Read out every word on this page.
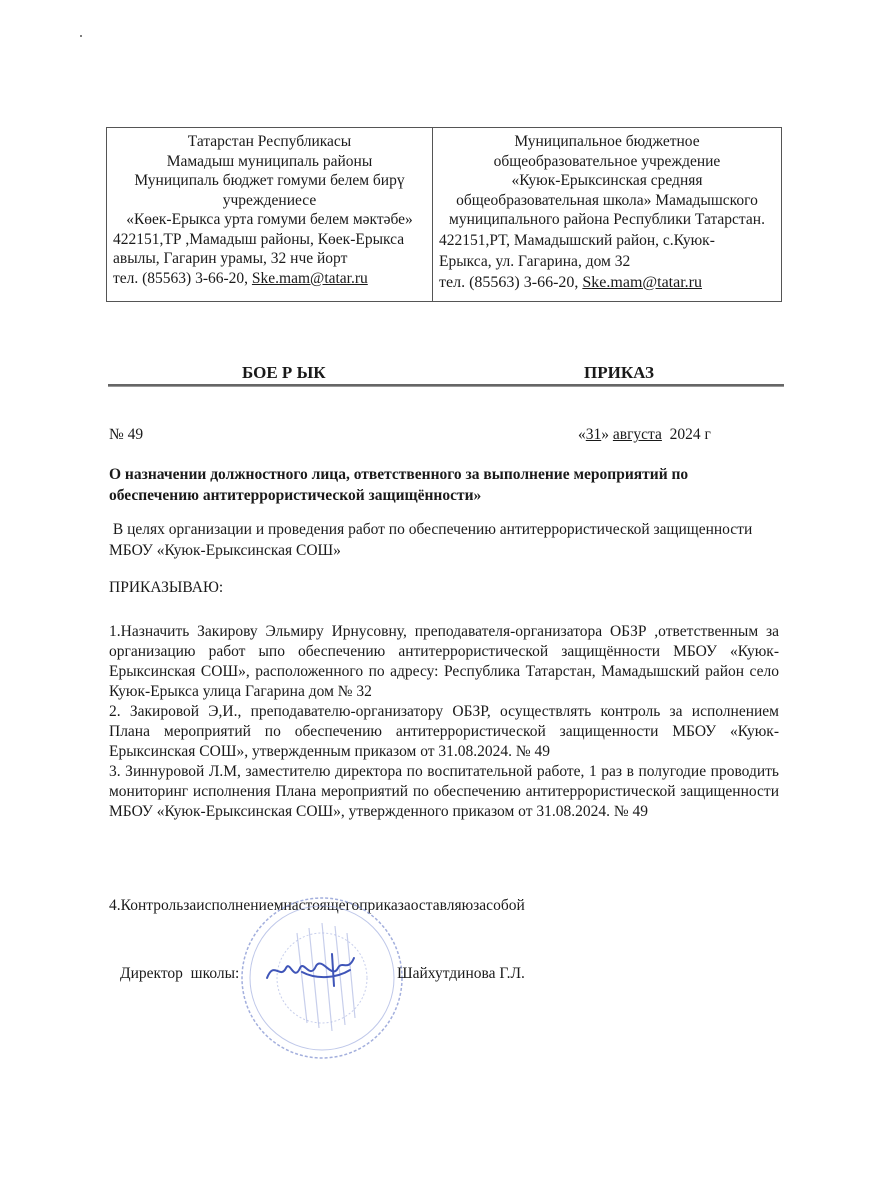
Татарстан Республикасы
Мамадыш муниципаль районы
Муниципаль бюджет гомуми белем бирү
учреждениесе
«Көек-Ерыкса урта гомуми белем мәктәбе»
422151,ТР ,Мамадыш районы, Көек-Ерыкса
авылы, Гагарин урамы, 32 нче йорт
тел. (85563) 3-66-20, Ske.mam@tatar.ru
Муниципальное бюджетное
общеобразовательное учреждение
«Куюк-Ерыксинская средняя
общеобразовательная школа» Мамадышского
муниципального района Республики Татарстан.
422151,РТ, Мамадышский район, с.Куюк-
Ерыкса, ул. Гагарина, дом 32
тел. (85563) 3-66-20, Ske.mam@tatar.ru
БОЕ Р ЫК	ПРИКАЗ
№ 49	«31» августа  2024 г
О назначении должностного лица, ответственного за выполнение мероприятий по обеспечению антитеррористической защищённости»
В целях организации и проведения работ по обеспечению антитеррористической защищенности МБОУ «Куюк-Ерыксинская СОШ»
ПРИКАЗЫВАЮ:

1.Назначить Закирову Эльмиру Ирнусовну, преподавателя-организатора ОБЗР ,ответственным за организацию работ ыпо обеспечению антитеррористической защищённости МБОУ «Куюк-Ерыксинская СОШ», расположенного по адресу: Республика Татарстан, Мамадышский район село Куюк-Ерыкса улица Гагарина дом № 32

2. Закировой Э,И., преподавателю-организатору ОБЗР, осуществлять контроль за исполнением Плана мероприятий по обеспечению антитеррористической защищенности МБОУ «Куюк-Ерыксинская СОШ», утвержденным приказом от 31.08.2024. № 49

3. Зиннуровой Л.М, заместителю директора по воспитательной работе, 1 раз в полугодие проводить мониторинг исполнения Плана мероприятий по обеспечению антитеррористической защищенности МБОУ «Куюк-Ерыксинская СОШ», утвержденного приказом от 31.08.2024. № 49

4.Контрользаисполнениемнастоящегоприказаоставляюзасобой
Директор  школы:	Шайхутдинова Г.Л.
